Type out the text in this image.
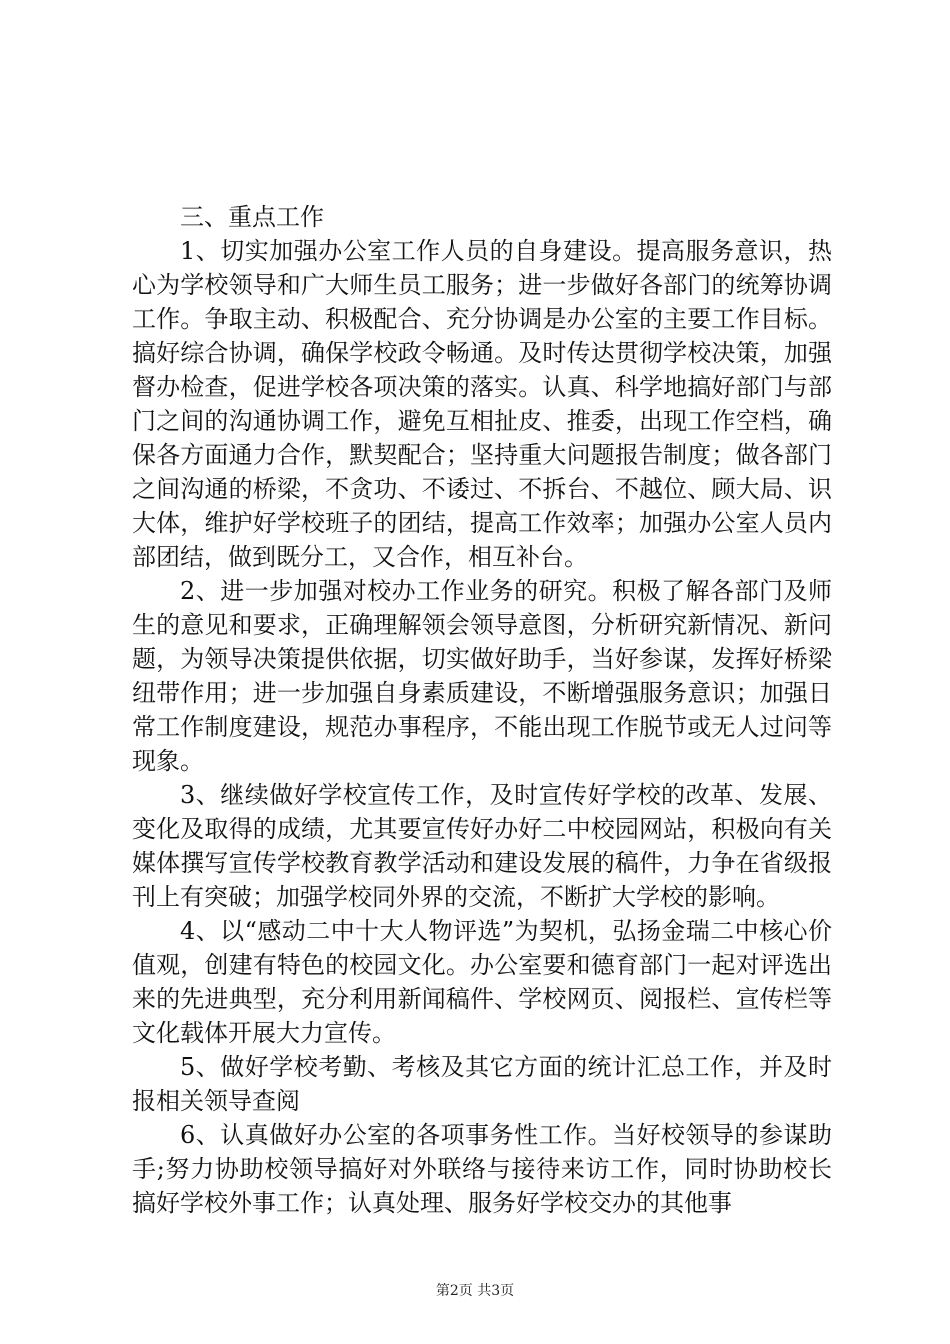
三、重点工作

1、切实加强办公室工作人员的自身建设。提高服务意识，热心为学校领导和广大师生员工服务；进一步做好各部门的统筹协调工作。争取主动、积极配合、充分协调是办公室的主要工作目标。搞好综合协调，确保学校政令畅通。及时传达贯彻学校决策，加强督办检查，促进学校各项决策的落实。认真、科学地搞好部门与部门之间的沟通协调工作，避免互相扯皮、推委，出现工作空档，确保各方面通力合作，默契配合；坚持重大问题报告制度；做各部门之间沟通的桥梁，不贪功、不诿过、不拆台、不越位、顾大局、识大体，维护好学校班子的团结，提高工作效率；加强办公室人员内部团结，做到既分工，又合作，相互补台。

2、进一步加强对校办工作业务的研究。积极了解各部门及师生的意见和要求，正确理解领会领导意图，分析研究新情况、新问题，为领导决策提供依据，切实做好助手，当好参谋，发挥好桥梁纽带作用；进一步加强自身素质建设，不断增强服务意识；加强日常工作制度建设，规范办事程序，不能出现工作脱节或无人过问等现象。

3、继续做好学校宣传工作，及时宣传好学校的改革、发展、变化及取得的成绩，尤其要宣传好办好二中校园网站，积极向有关媒体撰写宣传学校教育教学活动和建设发展的稿件，力争在省级报刊上有突破；加强学校同外界的交流，不断扩大学校的影响。

4、以“感动二中十大人物评选”为契机，弘扬金瑞二中核心价值观，创建有特色的校园文化。办公室要和德育部门一起对评选出来的先进典型，充分利用新闻稿件、学校网页、阅报栏、宣传栏等文化载体开展大力宣传。

5、做好学校考勤、考核及其它方面的统计汇总工作，并及时报相关领导查阅

6、认真做好办公室的各项事务性工作。当好校领导的参谋助手;努力协助校领导搞好对外联络与接待来访工作，同时协助校长搞好学校外事工作；认真处理、服务好学校交办的其他事

第2页 共3页
